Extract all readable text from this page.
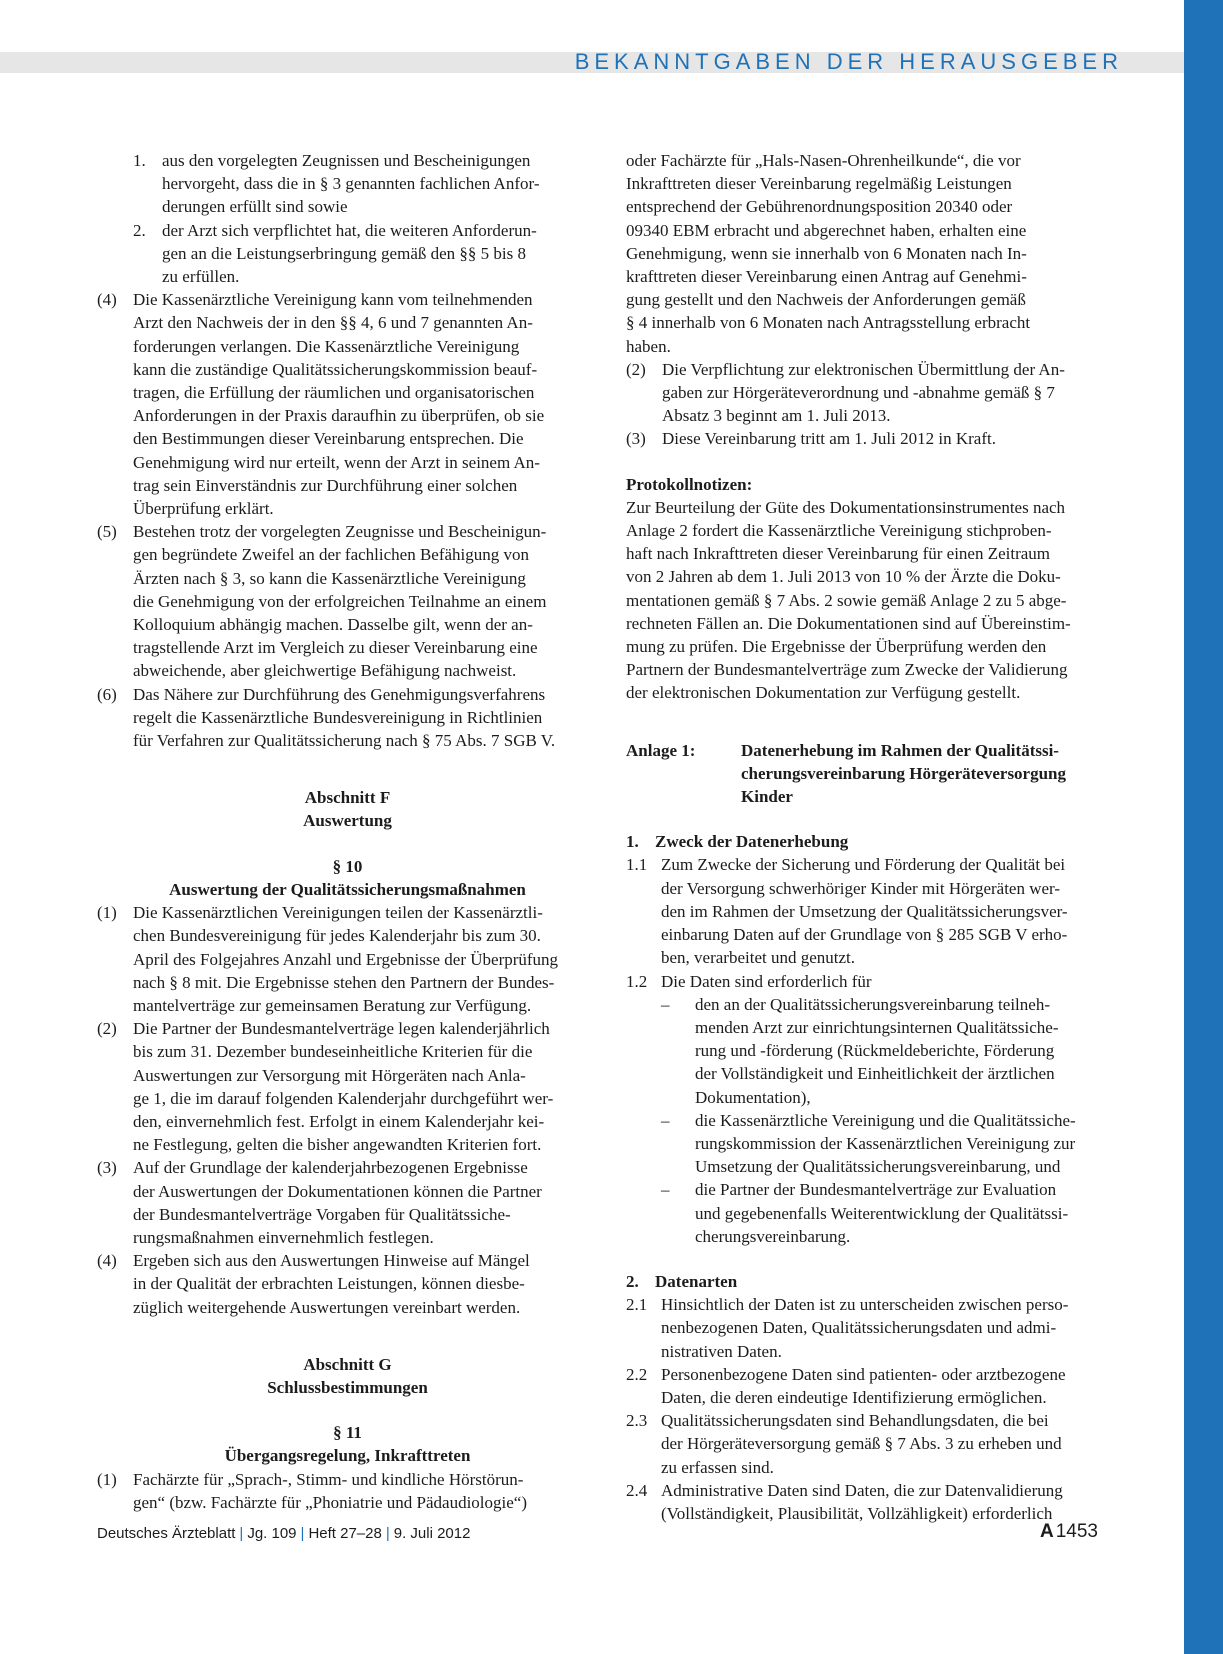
BEKANNTGABEN DER HERAUSGEBER
1. aus den vorgelegten Zeugnissen und Bescheinigungen
hervorgeht, dass die in § 3 genannten fachlichen Anfor-
derungen erfüllt sind sowie
2. der Arzt sich verpflichtet hat, die weiteren Anforderun-
gen an die Leistungserbringung gemäß den §§ 5 bis 8
zu erfüllen.
(4) Die Kassenärztliche Vereinigung kann vom teilnehmenden
Arzt den Nachweis der in den §§ 4, 6 und 7 genannten An-
forderungen verlangen. Die Kassenärztliche Vereinigung
kann die zuständige Qualitätssicherungskommission beauf-
tragen, die Erfüllung der räumlichen und organisatorischen
Anforderungen in der Praxis daraufhin zu überprüfen, ob sie
den Bestimmungen dieser Vereinbarung entsprechen. Die
Genehmigung wird nur erteilt, wenn der Arzt in seinem An-
trag sein Einverständnis zur Durchführung einer solchen
Überprüfung erklärt.
(5) Bestehen trotz der vorgelegten Zeugnisse und Bescheinigun-
gen begründete Zweifel an der fachlichen Befähigung von
Ärzten nach § 3, so kann die Kassenärztliche Vereinigung
die Genehmigung von der erfolgreichen Teilnahme an einem
Kolloquium abhängig machen. Dasselbe gilt, wenn der an-
tragstellende Arzt im Vergleich zu dieser Vereinbarung eine
abweichende, aber gleichwertige Befähigung nachweist.
(6) Das Nähere zur Durchführung des Genehmigungsverfahrens
regelt die Kassenärztliche Bundesvereinigung in Richtlinien
für Verfahren zur Qualitätssicherung nach § 75 Abs. 7 SGB V.
Abschnitt F
Auswertung
§ 10
Auswertung der Qualitätssicherungsmaßnahmen
(1) Die Kassenärztlichen Vereinigungen teilen der Kassenärztli-
chen Bundesvereinigung für jedes Kalenderjahr bis zum 30.
April des Folgejahres Anzahl und Ergebnisse der Überprüfung
nach § 8 mit. Die Ergebnisse stehen den Partnern der Bundes-
mantelverträge zur gemeinsamen Beratung zur Verfügung.
(2) Die Partner der Bundesmantelverträge legen kalenderjährlich
bis zum 31. Dezember bundeseinheitliche Kriterien für die
Auswertungen zur Versorgung mit Hörgeräten nach Anla-
ge 1, die im darauf folgenden Kalenderjahr durchgeführt wer-
den, einvernehmlich fest. Erfolgt in einem Kalenderjahr kei-
ne Festlegung, gelten die bisher angewandten Kriterien fort.
(3) Auf der Grundlage der kalenderjahrbezogenen Ergebnisse
der Auswertungen der Dokumentationen können die Partner
der Bundesmantelverträge Vorgaben für Qualitätssiche-
rungsmaßnahmen einvernehmlich festlegen.
(4) Ergeben sich aus den Auswertungen Hinweise auf Mängel
in der Qualität der erbrachten Leistungen, können diesbe-
züglich weitergehende Auswertungen vereinbart werden.
Abschnitt G
Schlussbestimmungen
§ 11
Übergangsregelung, Inkrafttreten
(1) Fachärzte für „Sprach-, Stimm- und kindliche Hörstörun-
gen“ (bzw. Fachärzte für „Phoniatrie und Pädaudiologie“)
oder Fachärzte für „Hals-Nasen-Ohrenheilkunde“, die vor
Inkrafttreten dieser Vereinbarung regelmäßig Leistungen
entsprechend der Gebührenordnungsposition 20340 oder
09340 EBM erbracht und abgerechnet haben, erhalten eine
Genehmigung, wenn sie innerhalb von 6 Monaten nach In-
krafttreten dieser Vereinbarung einen Antrag auf Genehmi-
gung gestellt und den Nachweis der Anforderungen gemäß
§ 4 innerhalb von 6 Monaten nach Antragsstellung erbracht
haben.
(2) Die Verpflichtung zur elektronischen Übermittlung der An-
gaben zur Hörgeräteverordnung und -abnahme gemäß § 7
Absatz 3 beginnt am 1. Juli 2013.
(3) Diese Vereinbarung tritt am 1. Juli 2012 in Kraft.
Protokollnotizen:
Zur Beurteilung der Güte des Dokumentationsinstrumentes nach
Anlage 2 fordert die Kassenärztliche Vereinigung stichproben-
haft nach Inkrafttreten dieser Vereinbarung für einen Zeitraum
von 2 Jahren ab dem 1. Juli 2013 von 10 % der Ärzte die Doku-
mentationen gemäß § 7 Abs. 2 sowie gemäß Anlage 2 zu 5 abge-
rechneten Fällen an. Die Dokumentationen sind auf Übereinstim-
mung zu prüfen. Die Ergebnisse der Überprüfung werden den
Partnern der Bundesmantelverträge zum Zwecke der Validierung
der elektronischen Dokumentation zur Verfügung gestellt.
Anlage 1:	Datenerhebung im Rahmen der Qualitätssi-
cherungsvereinbarung Hörgeräteversorgung
Kinder
1. Zweck der Datenerhebung
1.1 Zum Zwecke der Sicherung und Förderung der Qualität bei
der Versorgung schwerhöriger Kinder mit Hörgeräten wer-
den im Rahmen der Umsetzung der Qualitätssicherungsver-
einbarung Daten auf der Grundlage von § 285 SGB V erho-
ben, verarbeitet und genutzt.
1.2 Die Daten sind erforderlich für
–	den an der Qualitätssicherungsvereinbarung teilneh-
menden Arzt zur einrichtungsinternen Qualitätssiche-
rung und -förderung (Rückmeldeberichte, Förderung
der Vollständigkeit und Einheitlichkeit der ärztlichen
Dokumentation),
–	die Kassenärztliche Vereinigung und die Qualitätssiche-
rungskommission der Kassenärztlichen Vereinigung zur
Umsetzung der Qualitätssicherungsvereinbarung, und
–	die Partner der Bundesmantelverträge zur Evaluation
und gegebenenfalls Weiterentwicklung der Qualitätssi-
cherungsvereinbarung.
2. Datenarten
2.1 Hinsichtlich der Daten ist zu unterscheiden zwischen perso-
nenbezogenen Daten, Qualitätssicherungsdaten und admi-
nistrativen Daten.
2.2 Personenbezogene Daten sind patienten- oder arztbezogene
Daten, die deren eindeutige Identifizierung ermöglichen.
2.3 Qualitätssicherungsdaten sind Behandlungsdaten, die bei
der Hörgeräteversorgung gemäß § 7 Abs. 3 zu erheben und
zu erfassen sind.
2.4 Administrative Daten sind Daten, die zur Datenvalidierung
(Vollständigkeit, Plausibilität, Vollzähligkeit) erforderlich
Deutsches Ärzteblatt | Jg. 109 | Heft 27–28 | 9. Juli 2012	A 1453
